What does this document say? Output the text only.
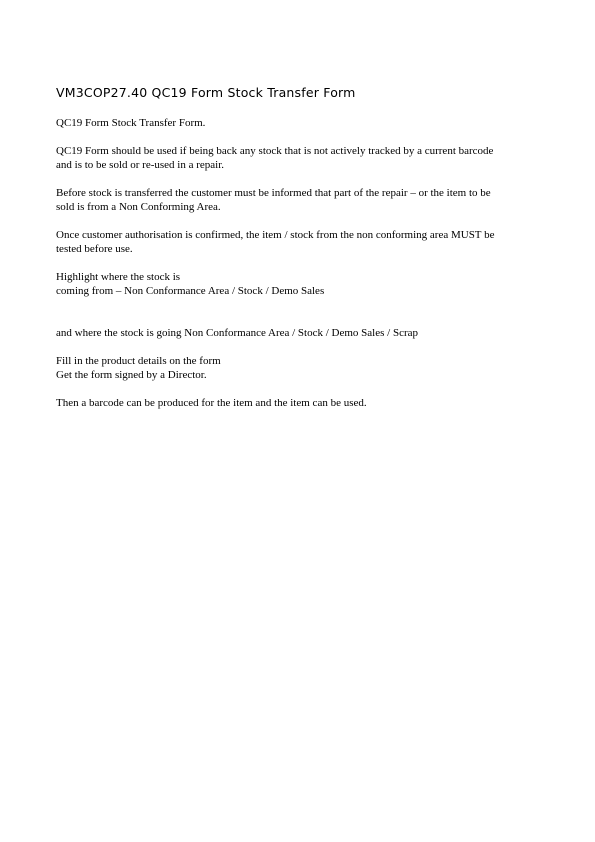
VM3COP27.40 QC19 Form Stock Transfer Form

QC19 Form Stock Transfer Form.

QC19 Form should be used if being back any stock that is not actively tracked by a current barcode
and is to be sold or re-used in a repair.

Before stock is transferred the customer must be informed that part of the repair – or the item to be
sold is from a Non Conforming Area.

Once customer authorisation is confirmed, the item / stock from the non conforming area MUST be
tested before use.

Highlight where the stock is
coming from – Non Conformance Area / Stock / Demo Sales

and where the stock is going Non Conformance Area / Stock / Demo Sales / Scrap

Fill in the product details on the form
Get the form signed by a Director.

Then a barcode can be produced for the item and the item can be used.
